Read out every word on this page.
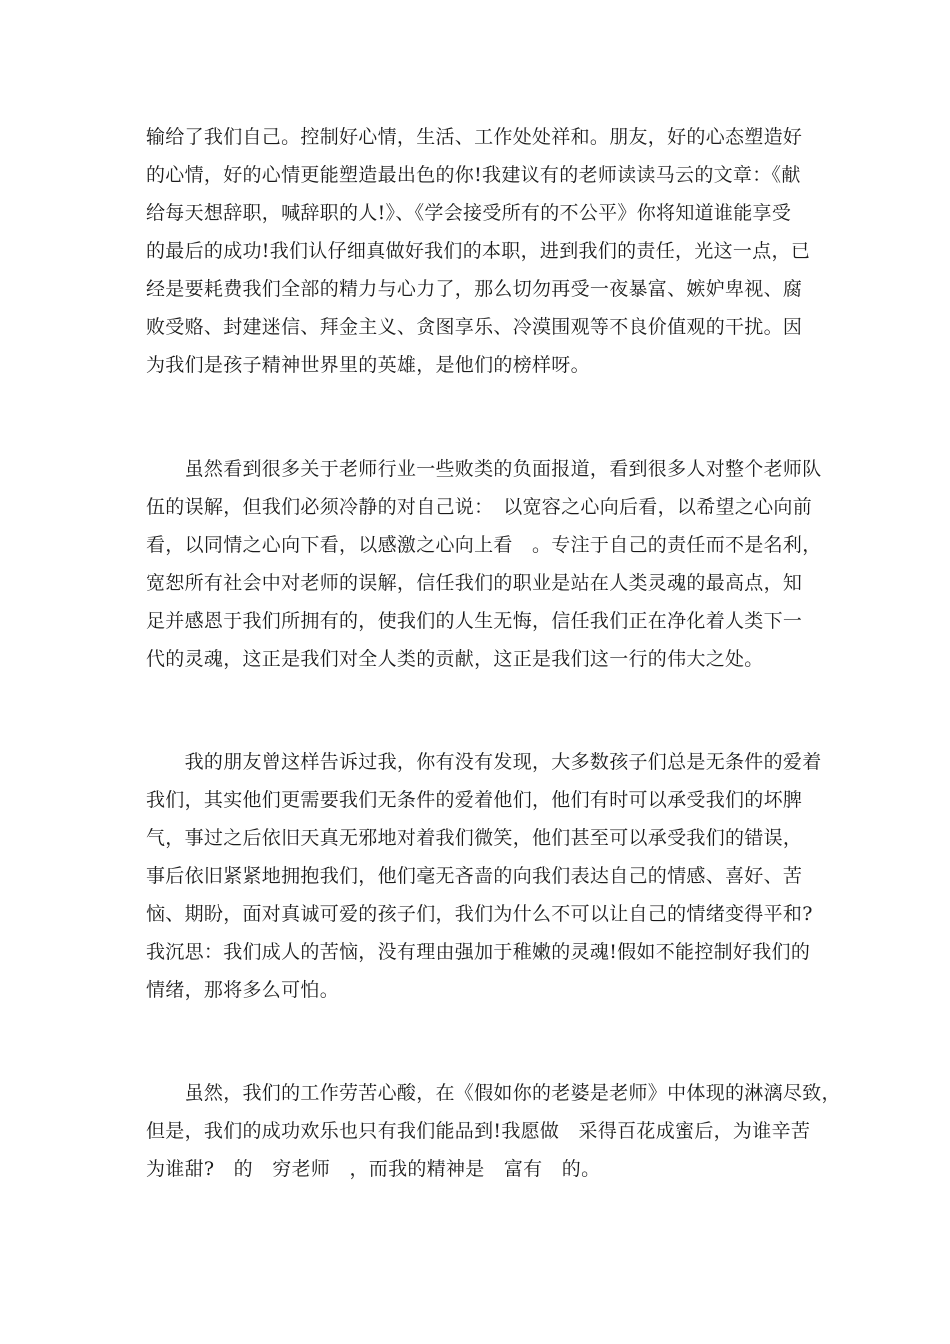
输给了我们自己。控制好心情，生活、工作处处祥和。朋友，好的心态塑造好
的心情，好的心情更能塑造最出色的你!我建议有的老师读读马云的文章：《献
给每天想辞职，喊辞职的人!》、《学会接受所有的不公平》你将知道谁能享受
的最后的成功!我们认仔细真做好我们的本职，进到我们的责任，光这一点，已
经是要耗费我们全部的精力与心力了，那么切勿再受一夜暴富、嫉妒卑视、腐
败受赂、封建迷信、拜金主义、贪图享乐、冷漠围观等不良价值观的干扰。因
为我们是孩子精神世界里的英雄，是他们的榜样呀。
　　虽然看到很多关于老师行业一些败类的负面报道，看到很多人对整个老师队
伍的误解，但我们必须冷静的对自己说：　以宽容之心向后看，以希望之心向前
看，以同情之心向下看，以感激之心向上看　。专注于自己的责任而不是名利，
宽恕所有社会中对老师的误解，信任我们的职业是站在人类灵魂的最高点，知
足并感恩于我们所拥有的，使我们的人生无悔，信任我们正在净化着人类下一
代的灵魂，这正是我们对全人类的贡献，这正是我们这一行的伟大之处。
　　我的朋友曾这样告诉过我，你有没有发现，大多数孩子们总是无条件的爱着
我们，其实他们更需要我们无条件的爱着他们，他们有时可以承受我们的坏脾
气，事过之后依旧天真无邪地对着我们微笑，他们甚至可以承受我们的错误，
事后依旧紧紧地拥抱我们，他们毫无吝啬的向我们表达自己的情感、喜好、苦
恼、期盼，面对真诚可爱的孩子们，我们为什么不可以让自己的情绪变得平和?
我沉思：我们成人的苦恼，没有理由强加于稚嫩的灵魂!假如不能控制好我们的
情绪，那将多么可怕。
　　虽然，我们的工作劳苦心酸，在《假如你的老婆是老师》中体现的淋漓尽致，
但是，我们的成功欢乐也只有我们能品到!我愿做　采得百花成蜜后，为谁辛苦
为谁甜?　的　穷老师　，而我的精神是　富有　的。
